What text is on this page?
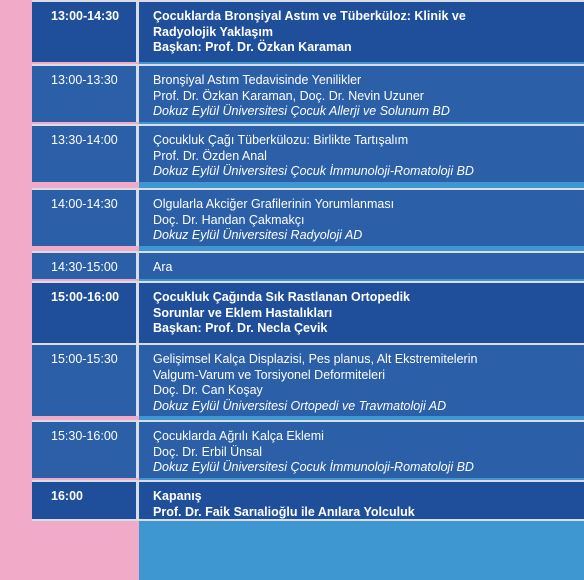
13:00-14:30	Çocuklarda Bronşiyal Astım ve Tüberküloz: Klinik ve
Radyolojik Yaklaşım
Başkan: Prof. Dr. Özkan Karaman
13:00-13:30	Bronşiyal Astım Tedavisinde Yenilikler
Prof. Dr. Özkan Karaman, Doç. Dr. Nevin Uzuner
Dokuz Eylül Üniversitesi Çocuk Allerji ve Solunum BD
13:30-14:00	Çocukluk Çağı Tüberkülozu: Birlikte Tartışalım
Prof. Dr. Özden Anal
Dokuz Eylül Üniversitesi Çocuk İmmunoloji-Romatoloji BD
14:00-14:30	Olgularla Akciğer Grafilerinin Yorumlanması
Doç. Dr. Handan Çakmakçı
Dokuz Eylül Üniversitesi Radyoloji AD
14:30-15:00	Ara
15:00-16:00	Çocukluk Çağında Sık Rastlanan Ortopedik
Sorunlar ve Eklem Hastalıkları
Başkan: Prof. Dr. Necla Çevik
15:00-15:30	Gelişimsel Kalça Displazisi, Pes planus, Alt Ekstremitelerin
Valgum-Varum ve Torsiyonel Deformiteleri
Doç. Dr. Can Koşay
Dokuz Eylül Üniversitesi Ortopedi ve Travmatoloji AD
15:30-16:00	Çocuklarda Ağrılı Kalça Eklemi
Doç. Dr. Erbil Ünsal
Dokuz Eylül Üniversitesi Çocuk İmmunoloji-Romatoloji BD
16:00	Kapanış
Prof. Dr. Faik Sarıalioğlu ile Anılara Yolculuk
